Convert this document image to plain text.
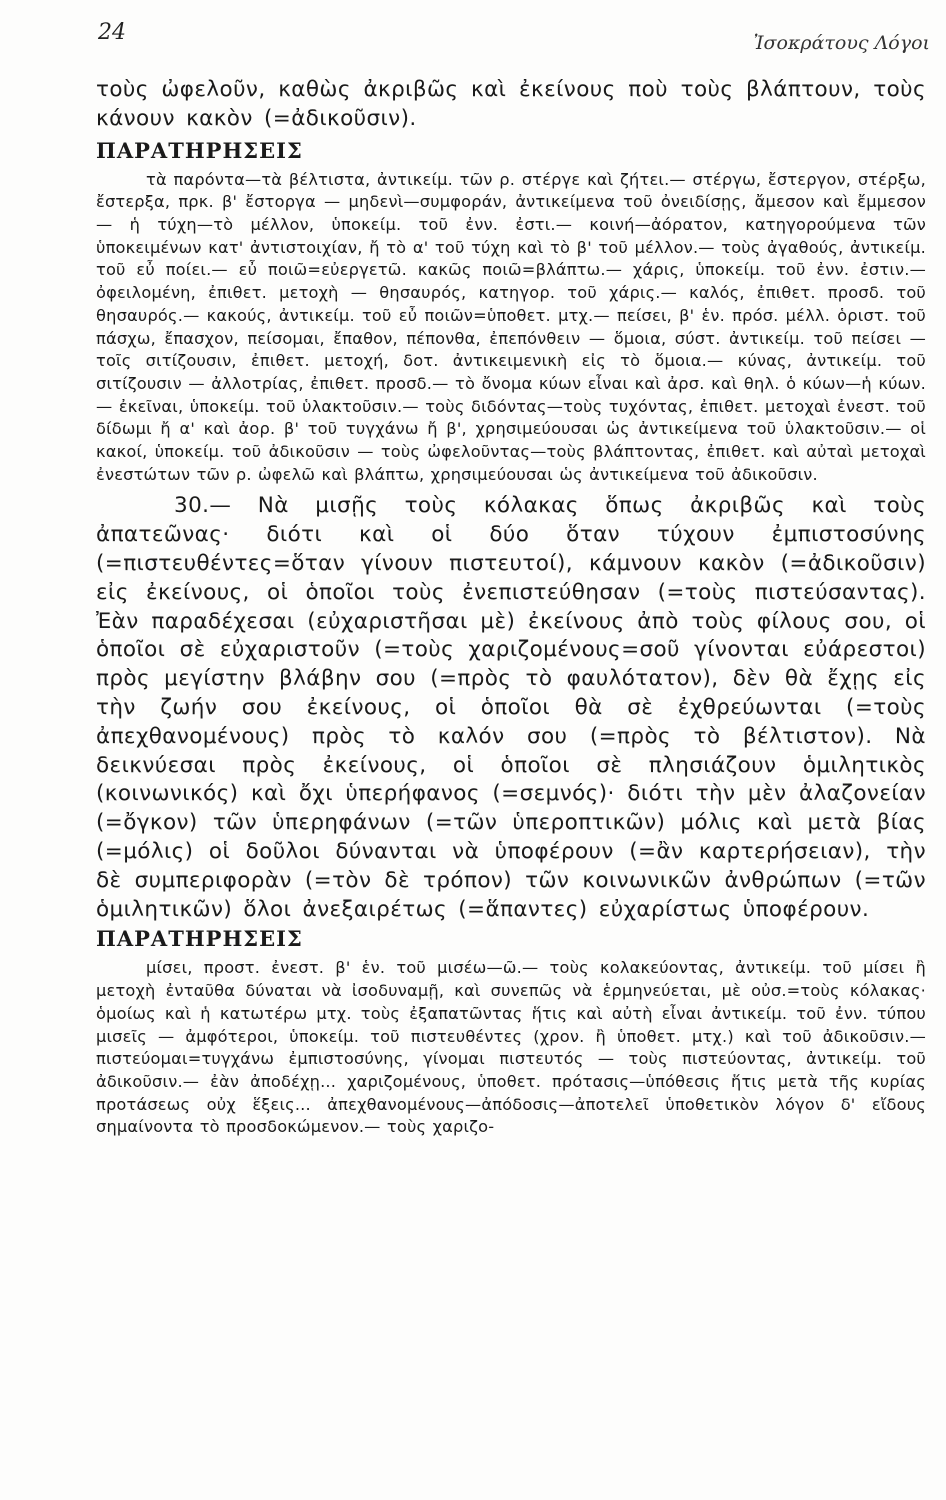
24	Ἰσοκράτους Λόγοι

τοὺς ὠφελοῦν, καθὼς ἀκριβῶς καὶ ἐκείνους ποὺ τοὺς βλάπτουν, τοὺς κάνουν κακὸν (=ἀδικοῦσιν).

ΠΑΡΑΤΗΡΗΣΕΙΣ

τὰ παρόντα—τὰ βέλτιστα, ἀντικείμ. τῶν ρ. στέργε καὶ ζήτει.— στέργω, ἔστεργον, στέρξω, ἔστερξα, πρκ. β' ἔστοργα — μηδενὶ—συμφοράν, ἀντικείμενα τοῦ ὀνειδίσῃς, ἄμεσον καὶ ἔμμεσον — ἡ τύχη—τὸ μέλλον, ὑποκείμ. τοῦ ἐνν. ἐστι.— κοινή—ἀόρατον, κατηγορούμενα τῶν ὑποκειμένων κατ' ἀντιστοιχίαν, ἤ τὸ α' τοῦ τύχη καὶ τὸ β' τοῦ μέλλον.— τοὺς ἀγαθούς, ἀντικείμ. τοῦ εὖ ποίει.— εὖ ποιῶ=εὐεργετῶ. κακῶς ποιῶ=βλάπτω.— χάρις, ὑποκείμ. τοῦ ἐνν. ἐστιν.— ὀφειλομένη, ἐπιθετ. μετοχὴ — θησαυρός, κατηγορ. τοῦ χάρις.— καλός, ἐπιθετ. προσδ. τοῦ θησαυρός.— κακούς, ἀντικείμ. τοῦ εὖ ποιῶν=ὑποθετ. μτχ.— πείσει, β' ἑν. πρόσ. μέλλ. ὁριστ. τοῦ πάσχω, ἔπασχον, πείσομαι, ἔπαθον, πέπονθα, ἐπεπόνθειν — ὅμοια, σύστ. ἀντικείμ. τοῦ πείσει — τοῖς σιτίζουσιν, ἐπιθετ. μετοχή, δοτ. ἀντικειμενικὴ εἰς τὸ ὅμοια.— κύνας, ἀντικείμ. τοῦ σιτίζουσιν — ἀλλοτρίας, ἐπιθετ. προσδ.— τὸ ὄνομα κύων εἶναι καὶ ἀρσ. καὶ θηλ. ὁ κύων—ἡ κύων.— ἐκεῖναι, ὑποκείμ. τοῦ ὑλακτοῦσιν.— τοὺς διδόντας—τοὺς τυχόντας, ἐπιθετ. μετοχαὶ ἐνεστ. τοῦ δίδωμι ἤ α' καὶ ἀορ. β' τοῦ τυγχάνω ἤ β', χρησιμεύουσαι ὡς ἀντικείμενα τοῦ ὑλακτοῦσιν.— οἱ κακοί, ὑποκείμ. τοῦ ἀδικοῦσιν — τοὺς ὠφελοῦντας—τοὺς βλάπτοντας, ἐπιθετ. καὶ αὐταὶ μετοχαὶ ἐνεστώτων τῶν ρ. ὠφελῶ καὶ βλάπτω, χρησιμεύουσαι ὡς ἀντικείμενα τοῦ ἀδικοῦσιν.

30.— Νὰ μισῇς τοὺς κόλακας ὅπως ἀκριβῶς καὶ τοὺς ἀπατεῶνας· διότι καὶ οἱ δύο ὅταν τύχουν ἐμπιστοσύνης (=πιστευθέντες=ὅταν γίνουν πιστευτοί), κάμνουν κακὸν (=ἀδικοῦσιν) εἰς ἐκείνους, οἱ ὁποῖοι τοὺς ἐνεπιστεύθησαν (=τοὺς πιστεύσαντας). Ἐὰν παραδέχεσαι (εὐχαριστῆσαι μὲ) ἐκείνους ἀπὸ τοὺς φίλους σου, οἱ ὁποῖοι σὲ εὐχαριστοῦν (=τοὺς χαριζομένους=σοῦ γίνονται εὐάρεστοι) πρὸς μεγίστην βλάβην σου (=πρὸς τὸ φαυλότατον), δὲν θὰ ἔχῃς εἰς τὴν ζωήν σου ἐκείνους, οἱ ὁποῖοι θὰ σὲ ἐχθρεύωνται (=τοὺς ἀπεχθανομένους) πρὸς τὸ καλόν σου (=πρὸς τὸ βέλτιστον). Νὰ δεικνύεσαι πρὸς ἐκείνους, οἱ ὁποῖοι σὲ πλησιάζουν ὁμιλητικὸς (κοινωνικός) καὶ ὄχι ὑπερήφανος (=σεμνός)· διότι τὴν μὲν ἀλαζονείαν (=ὄγκον) τῶν ὑπερηφάνων (=τῶν ὑπεροπτικῶν) μόλις καὶ μετὰ βίας (=μόλις) οἱ δοῦλοι δύνανται νὰ ὑποφέρουν (=ἂν καρτερήσειαν), τὴν δὲ συμπεριφορὰν (=τὸν δὲ τρόπον) τῶν κοινωνικῶν ἀνθρώπων (=τῶν ὁμιλητικῶν) ὅλοι ἀνεξαιρέτως (=ἅπαντες) εὐχαρίστως ὑποφέρουν.

ΠΑΡΑΤΗΡΗΣΕΙΣ

μίσει, προστ. ἐνεστ. β' ἑν. τοῦ μισέω—ῶ.— τοὺς κολακεύοντας, ἀντικείμ. τοῦ μίσει ἢ μετοχὴ ἐνταῦθα δύναται νὰ ἰσοδυναμῇ, καὶ συνεπῶς νὰ ἑρμηνεύεται, μὲ οὐσ.=τοὺς κόλακας· ὁμοίως καὶ ἡ κατωτέρω μτχ. τοὺς ἐξαπατῶντας ἥτις καὶ αὐτὴ εἶναι ἀντικείμ. τοῦ ἐνν. τύπου μισεῖς — ἀμφότεροι, ὑποκείμ. τοῦ πιστευθέντες (χρον. ἢ ὑποθετ. μτχ.) καὶ τοῦ ἀδικοῦσιν.—πιστεύομαι=τυγχάνω ἐμπιστοσύνης, γίνομαι πιστευτός — τοὺς πιστεύοντας, ἀντικείμ. τοῦ ἀδικοῦσιν.— ἐὰν ἀποδέχῃ... χαριζομένους, ὑποθετ. πρότασις—ὑπόθεσις ἥτις μετὰ τῆς κυρίας προτάσεως οὐχ ἕξεις... ἀπεχθανομένους—ἀπόδοσις—ἀποτελεῖ ὑποθετικὸν λόγον δ' εἴδους σημαίνοντα τὸ προσδοκώμενον.— τοὺς χαριζο-
